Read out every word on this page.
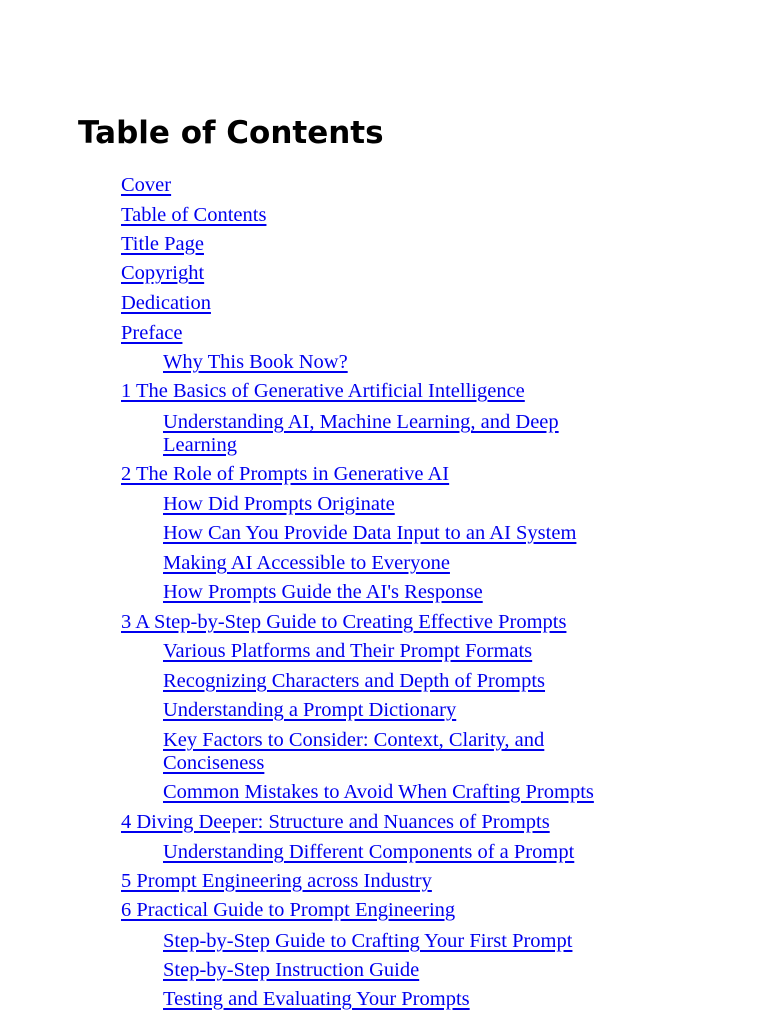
Table of Contents
Cover
Table of Contents
Title Page
Copyright
Dedication
Preface
Why This Book Now?
1 The Basics of Generative Artificial Intelligence
Understanding AI, Machine Learning, and Deep Learning
2 The Role of Prompts in Generative AI
How Did Prompts Originate
How Can You Provide Data Input to an AI System
Making AI Accessible to Everyone
How Prompts Guide the AI's Response
3 A Step-by-Step Guide to Creating Effective Prompts
Various Platforms and Their Prompt Formats
Recognizing Characters and Depth of Prompts
Understanding a Prompt Dictionary
Key Factors to Consider: Context, Clarity, and Conciseness
Common Mistakes to Avoid When Crafting Prompts
4 Diving Deeper: Structure and Nuances of Prompts
Understanding Different Components of a Prompt
5 Prompt Engineering across Industry
6 Practical Guide to Prompt Engineering
Step-by-Step Guide to Crafting Your First Prompt
Step-by-Step Instruction Guide
Testing and Evaluating Your Prompts
